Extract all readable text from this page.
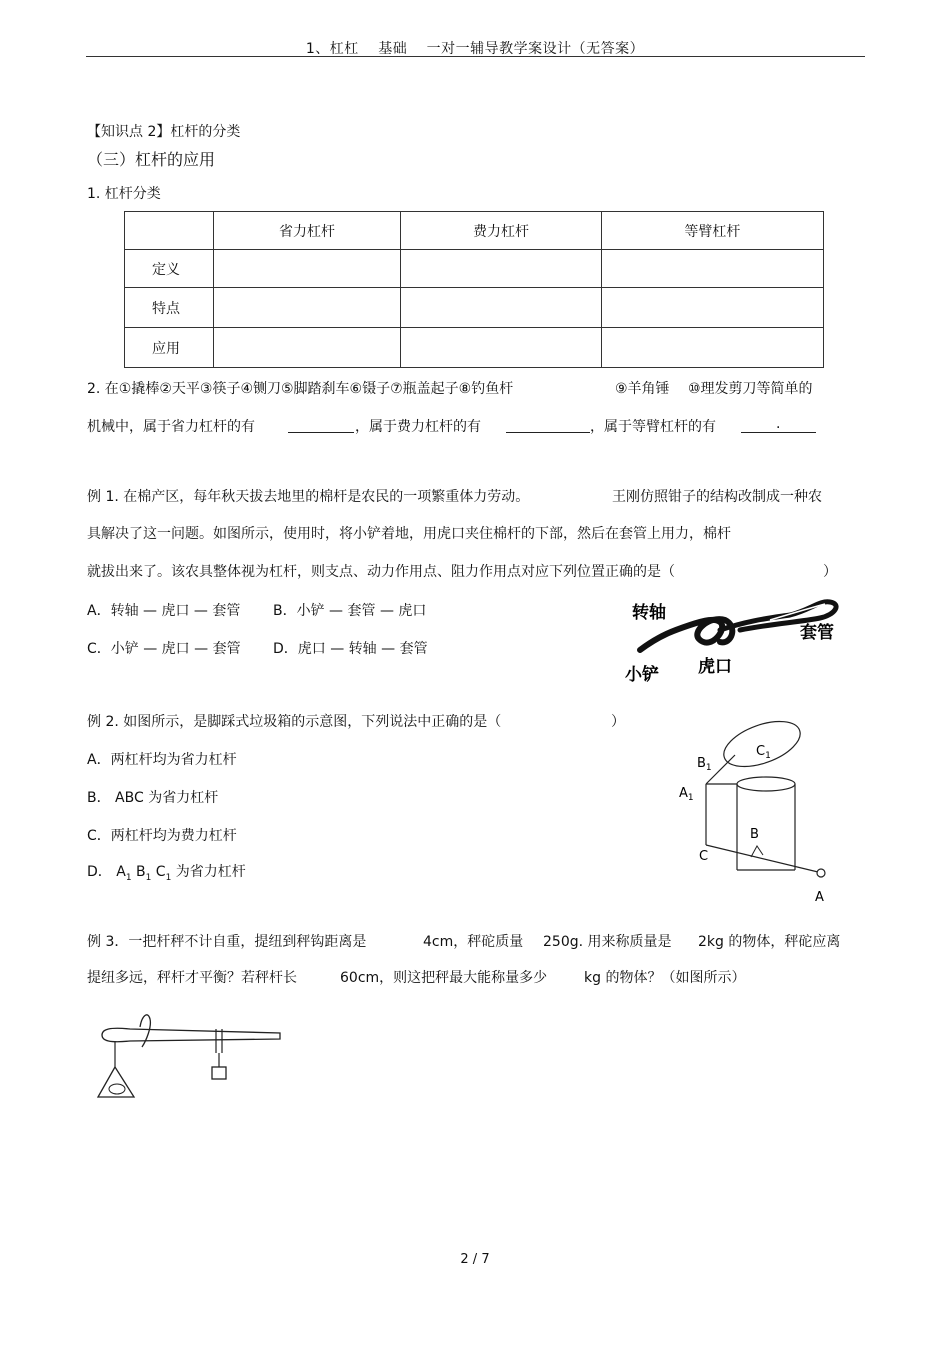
1、杠杠　 基础　 一对一辅导教学案设计（无答案）
【知识点 2】杠杆的分类
（三）杠杆的应用
1. 杠杆分类
	省力杠杆	费力杠杆	等臂杠杆
定义			
特点			
应用			
2. 在①撬棒②天平③筷子④铡刀⑤脚踏刹车⑥镊子⑦瓶盖起子⑧钓鱼杆	⑨羊角锤　 ⑩理发剪刀等简单的
机械中，属于省力杠杆的有	，属于费力杠杆的有	，属于等臂杠杆的有	.
例 1. 在棉产区，每年秋天拔去地里的棉杆是农民的一项繁重体力劳动。	王刚仿照钳子的结构改制成一种农
具解决了这一问题。如图所示，使用时，将小铲着地，用虎口夹住棉杆的下部，然后在套管上用力，棉杆
就拔出来了。该农具整体视为杠杆，则支点、动力作用点、阻力作用点对应下列位置正确的是（	）
A．转轴 — 虎口 — 套管 B．小铲 — 套管 — 虎口
C．小铲 — 虎口 — 套管 D．虎口 — 转轴 — 套管
转轴
套管
小铲 虎口
例 2. 如图所示，是脚踩式垃圾箱的示意图，下列说法中正确的是（	）
A．两杠杆均为省力杠杆
B． ABC 为省力杠杆
C．两杠杆均为费力杠杆
D． $A_1$ $B_1$ $C_1$ 为省力杠杆
$C_1$
$B_1$
$A_1$
B
C
A
例 3．一把杆秤不计自重，提纽到秤钩距离是	4cm，秤砣质量 250g. 用来称质量是 2kg 的物体，秤砣应离
提纽多远，秤杆才平衡？若秤杆长	60cm，则这把秤最大能称量多少	kg 的物体？（如图所示）
2 / 7
